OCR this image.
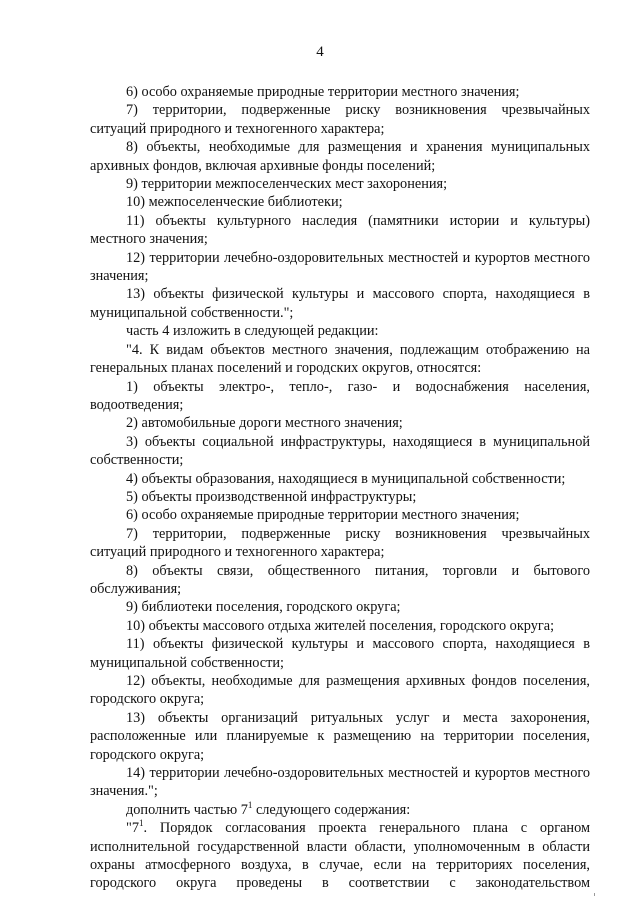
4

6) особо охраняемые природные территории местного значения;

7) территории, подверженные риску возникновения чрезвычайных ситуаций природного и техногенного характера;

8) объекты, необходимые для размещения и хранения муниципальных архивных фондов, включая архивные фонды поселений;

9) территории межпоселенческих мест захоронения;

10) межпоселенческие библиотеки;

11) объекты культурного наследия (памятники истории и культуры) местного значения;

12) территории лечебно-оздоровительных местностей и курортов местного значения;

13) объекты физической культуры и массового спорта, находящиеся в муниципальной собственности.";

часть 4 изложить в следующей редакции:

"4. К видам объектов местного значения, подлежащим отображению на генеральных планах поселений и городских округов, относятся:

1) объекты электро-, тепло-, газо- и водоснабжения населения, водоотведения;

2) автомобильные дороги местного значения;

3) объекты социальной инфраструктуры, находящиеся в муниципальной собственности;

4) объекты образования, находящиеся в муниципальной собственности;

5) объекты производственной инфраструктуры;

6) особо охраняемые природные территории местного значения;

7) территории, подверженные риску возникновения чрезвычайных ситуаций природного и техногенного характера;

8) объекты связи, общественного питания, торговли и бытового обслуживания;

9) библиотеки поселения, городского округа;

10) объекты массового отдыха жителей поселения, городского округа;

11) объекты физической культуры и массового спорта, находящиеся в муниципальной собственности;

12) объекты, необходимые для размещения архивных фондов поселения, городского округа;

13) объекты организаций ритуальных услуг и места захоронения, расположенные или планируемые к размещению на территории поселения, городского округа;

14) территории лечебно-оздоровительных местностей и курортов местного значения.";

дополнить частью $7^1$ следующего содержания:

"$7^1$. Порядок согласования проекта генерального плана с органом исполнительной государственной власти области, уполномоченным в области охраны атмосферного воздуха, в случае, если на территориях поселения, городского округа проведены в соответствии с законодательством
